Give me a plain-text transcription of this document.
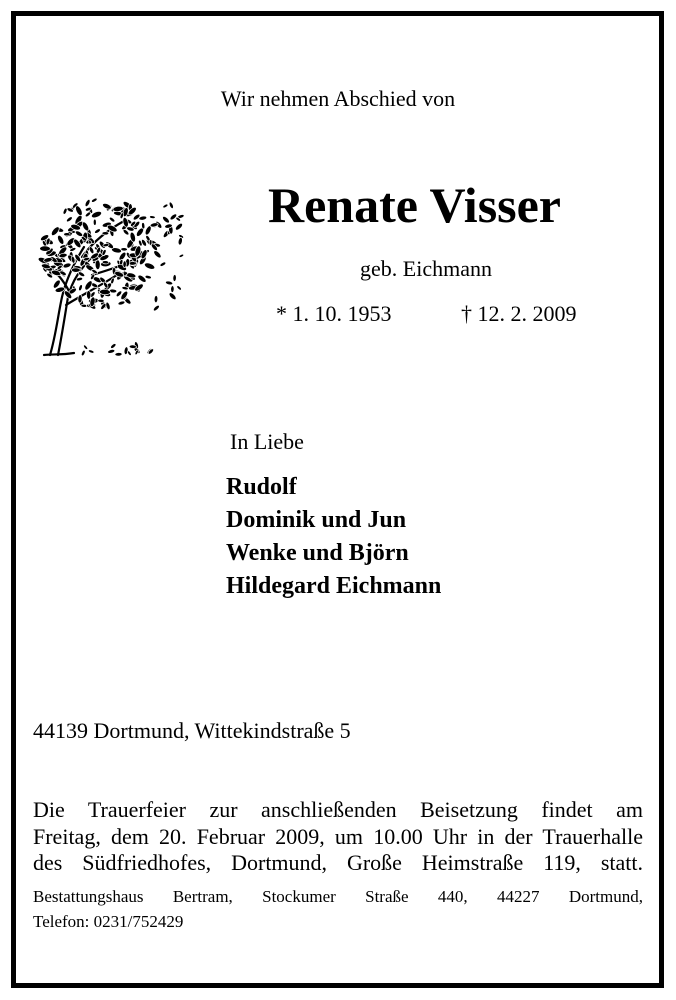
Wir nehmen Abschied von

Renate Visser

geb. Eichmann

* 1. 10. 1953	† 12. 2. 2009

In Liebe

Rudolf

Dominik und Jun

Wenke und Björn

Hildegard Eichmann

44139 Dortmund, Wittekindstraße 5

Die Trauerfeier zur anschließenden Beisetzung findet am
Freitag, dem 20. Februar 2009, um 10.00 Uhr in der Trauerhalle
des Südfriedhofes, Dortmund, Große Heimstraße 119, statt.
Bestattungshaus Bertram, Stockumer Straße 440, 44227 Dortmund,
Telefon: 0231/752429
